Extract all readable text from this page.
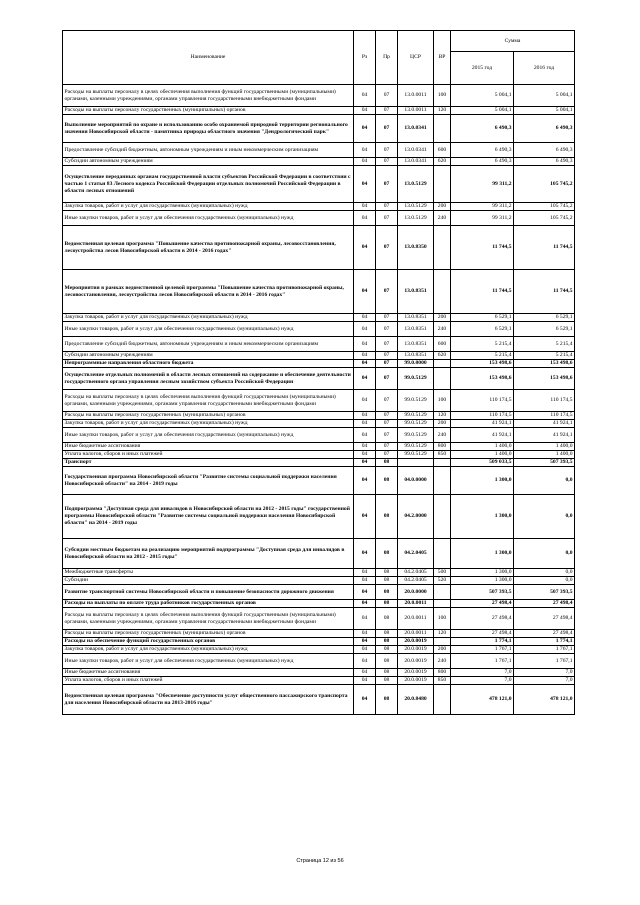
Наименование	Рз	Пр	ЦСР	ВР	Сумма	
					2015 год	2016 год
Расходы на выплаты персоналу в целях обеспечения выполнения функций государственными (муниципальными) органами, казенными учреждениями, органами управления государственными внебюджетными фондами	04	07	13.0.0011	100	5 004,1	5 004,1
Расходы на выплаты персоналу государственных (муниципальных) органов	04	07	13.0.0011	120	5 004,1	5 004,1
Выполнение мероприятий по охране и использованию особо охраняемой природной территории регионального значения Новосибирской области - памятника природы областного значения "Дендрологический парк"	04	07	13.0.0341		6 490,3	6 490,3
Предоставление субсидий бюджетным, автономным учреждениям и иным некоммерческим организациям	04	07	13.0.0341	600	6 490,3	6 490,3
Субсидии автономным учреждениям	04	07	13.0.0341	620	6 490,3	6 490,3
Осуществление переданных органам государственной власти субъектов Российской Федерации в соответствии с частью 1 статьи 83 Лесного кодекса Российской Федерации отдельных полномочий Российской Федерации в области лесных отношений	04	07	13.0.5129		99 311,2	105 745,2
Закупка товаров, работ и услуг для государственных (муниципальных) нужд	04	07	13.0.5129	200	99 311,2	105 745,2
Иные закупки товаров, работ и услуг для обеспечения государственных (муниципальных) нужд	04	07	13.0.5129	240	99 311,2	105 745,2
Ведомственная целевая программа "Повышение качества противопожарной охраны, лесовосстановления, лесоустройства лесов Новосибирской области в 2014 - 2016 годах"	04	07	13.0.8350		11 744,5	11 744,5
Мероприятия в рамках ведомственной целевой программы "Повышение качества противопожарной охраны, лесовосстановления, лесоустройства лесов Новосибирской области в 2014 - 2016 годах"	04	07	13.0.8351		11 744,5	11 744,5
Закупка товаров, работ и услуг для государственных (муниципальных) нужд	04	07	13.0.8351	200	6 529,1	6 529,1
Иные закупки товаров, работ и услуг для обеспечения государственных (муниципальных) нужд	04	07	13.0.8351	240	6 529,1	6 529,1
Предоставление субсидий бюджетным, автономным учреждениям и иным некоммерческим организациям	04	07	13.0.8351	600	5 215,4	5 215,4
Субсидии автономным учреждениям	04	07	13.0.8351	620	5 215,4	5 215,4
Непрограммные направления областного бюджета	04	07	99.0.0000		153 498,6	153 498,6
Осуществление отдельных полномочий в области лесных отношений на содержание и обеспечение деятельности государственного органа управления лесным хозяйством субъекта Российской Федерации	04	07	99.0.5129		153 498,6	153 498,6
Расходы на выплаты персоналу в целях обеспечения выполнения функций государственными (муниципальными) органами, казенными учреждениями, органами управления государственными внебюджетными фондами	04	07	99.0.5129	100	110 174,5	110 174,5
Расходы на выплаты персоналу государственных (муниципальных) органов	04	07	99.0.5129	120	110 174,5	110 174,5
Закупка товаров, работ и услуг для государственных (муниципальных) нужд	04	07	99.0.5129	200	41 924,1	41 924,1
Иные закупки товаров, работ и услуг для обеспечения государственных (муниципальных) нужд	04	07	99.0.5129	240	41 924,1	41 924,1
Иные бюджетные ассигнования	04	07	99.0.5129	800	1 400,0	1 400,0
Уплата налогов, сборов и иных платежей	04	07	99.0.5129	850	1 400,0	1 400,0
Транспорт	04	08			509 033,5	507 393,5
Государственная программа Новосибирской области "Развитие системы социальной поддержки населения Новосибирской области" на 2014 - 2019 годы	04	08	04.0.0000		1 300,0	0,0
Подпрограмма "Доступная среда для инвалидов в Новосибирской области на 2012 - 2015 годы" государственной программы Новосибирской области "Развитие системы социальной поддержки населения Новосибирской области" на 2014 - 2019 годы	04	08	04.2.0000		1 300,0	0,0
Субсидии местным бюджетам на реализацию мероприятий подпрограммы "Доступная среда для инвалидов в Новосибирской области на 2012 - 2015 годы"	04	08	04.2.0405		1 300,0	0,0
Межбюджетные трансферты	04	08	04.2.0405	500	1 300,0	0,0
Субсидии	04	08	04.2.0405	520	1 300,0	0,0
Развитие транспортной системы Новосибирской области и повышение безопасности дорожного движения	04	08	20.0.0000		507 393,5	507 393,5
Расходы на выплаты по оплате труда работников государственных органов	04	08	20.0.0011		27 498,4	27 498,4
Расходы на выплаты персоналу в целях обеспечения выполнения функций государственными (муниципальными) органами, казенными учреждениями, органами управления государственными внебюджетными фондами	04	08	20.0.0011	100	27 498,4	27 498,4
Расходы на выплаты персоналу государственных (муниципальных) органов	04	08	20.0.0011	120	27 498,4	27 498,4
Расходы на обеспечение функций государственных органов	04	08	20.0.0019		1 774,1	1 774,1
Закупка товаров, работ и услуг для государственных (муниципальных) нужд	04	08	20.0.0019	200	1 767,1	1 767,1
Иные закупки товаров, работ и услуг для обеспечения государственных (муниципальных) нужд	04	08	20.0.0019	240	1 767,1	1 767,1
Иные бюджетные ассигнования	04	08	20.0.0019	800	7,0	7,0
Уплата налогов, сборов и иных платежей	04	08	20.0.0019	850	7,0	7,0
Ведомственная целевая программа "Обеспечение доступности услуг общественного пассажирского транспорта для населения Новосибирской области на 2013-2016 годы"	04	08	20.0.8480		478 121,0	478 121,0
Страница 12 из 56
